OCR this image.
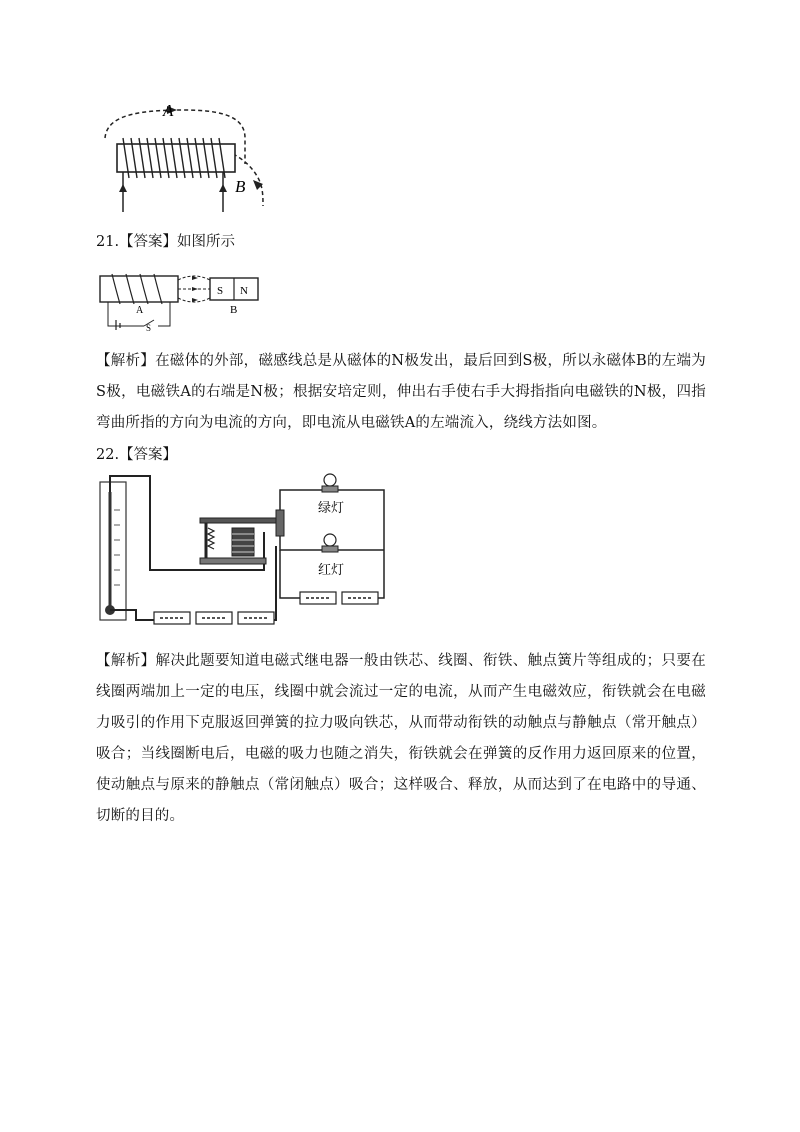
A
B
21.【答案】如图所示
S N
B
A
S
【解析】在磁体的外部，磁感线总是从磁体的N极发出，最后回到S极，所以永磁体B的左端为S极，电磁铁A的右端是N极；根据安培定则，伸出右手使右手大拇指指向电磁铁的N极，四指弯曲所指的方向为电流的方向，即电流从电磁铁A的左端流入，绕线方法如图。
22.【答案】
绿灯
红灯
【解析】解决此题要知道电磁式继电器一般由铁芯、线圈、衔铁、触点簧片等组成的；只要在线圈两端加上一定的电压，线圈中就会流过一定的电流，从而产生电磁效应，衔铁就会在电磁力吸引的作用下克服返回弹簧的拉力吸向铁芯，从而带动衔铁的动触点与静触点（常开触点）吸合；当线圈断电后，电磁的吸力也随之消失，衔铁就会在弹簧的反作用力返回原来的位置，使动触点与原来的静触点（常闭触点）吸合；这样吸合、释放，从而达到了在电路中的导通、切断的目的。
